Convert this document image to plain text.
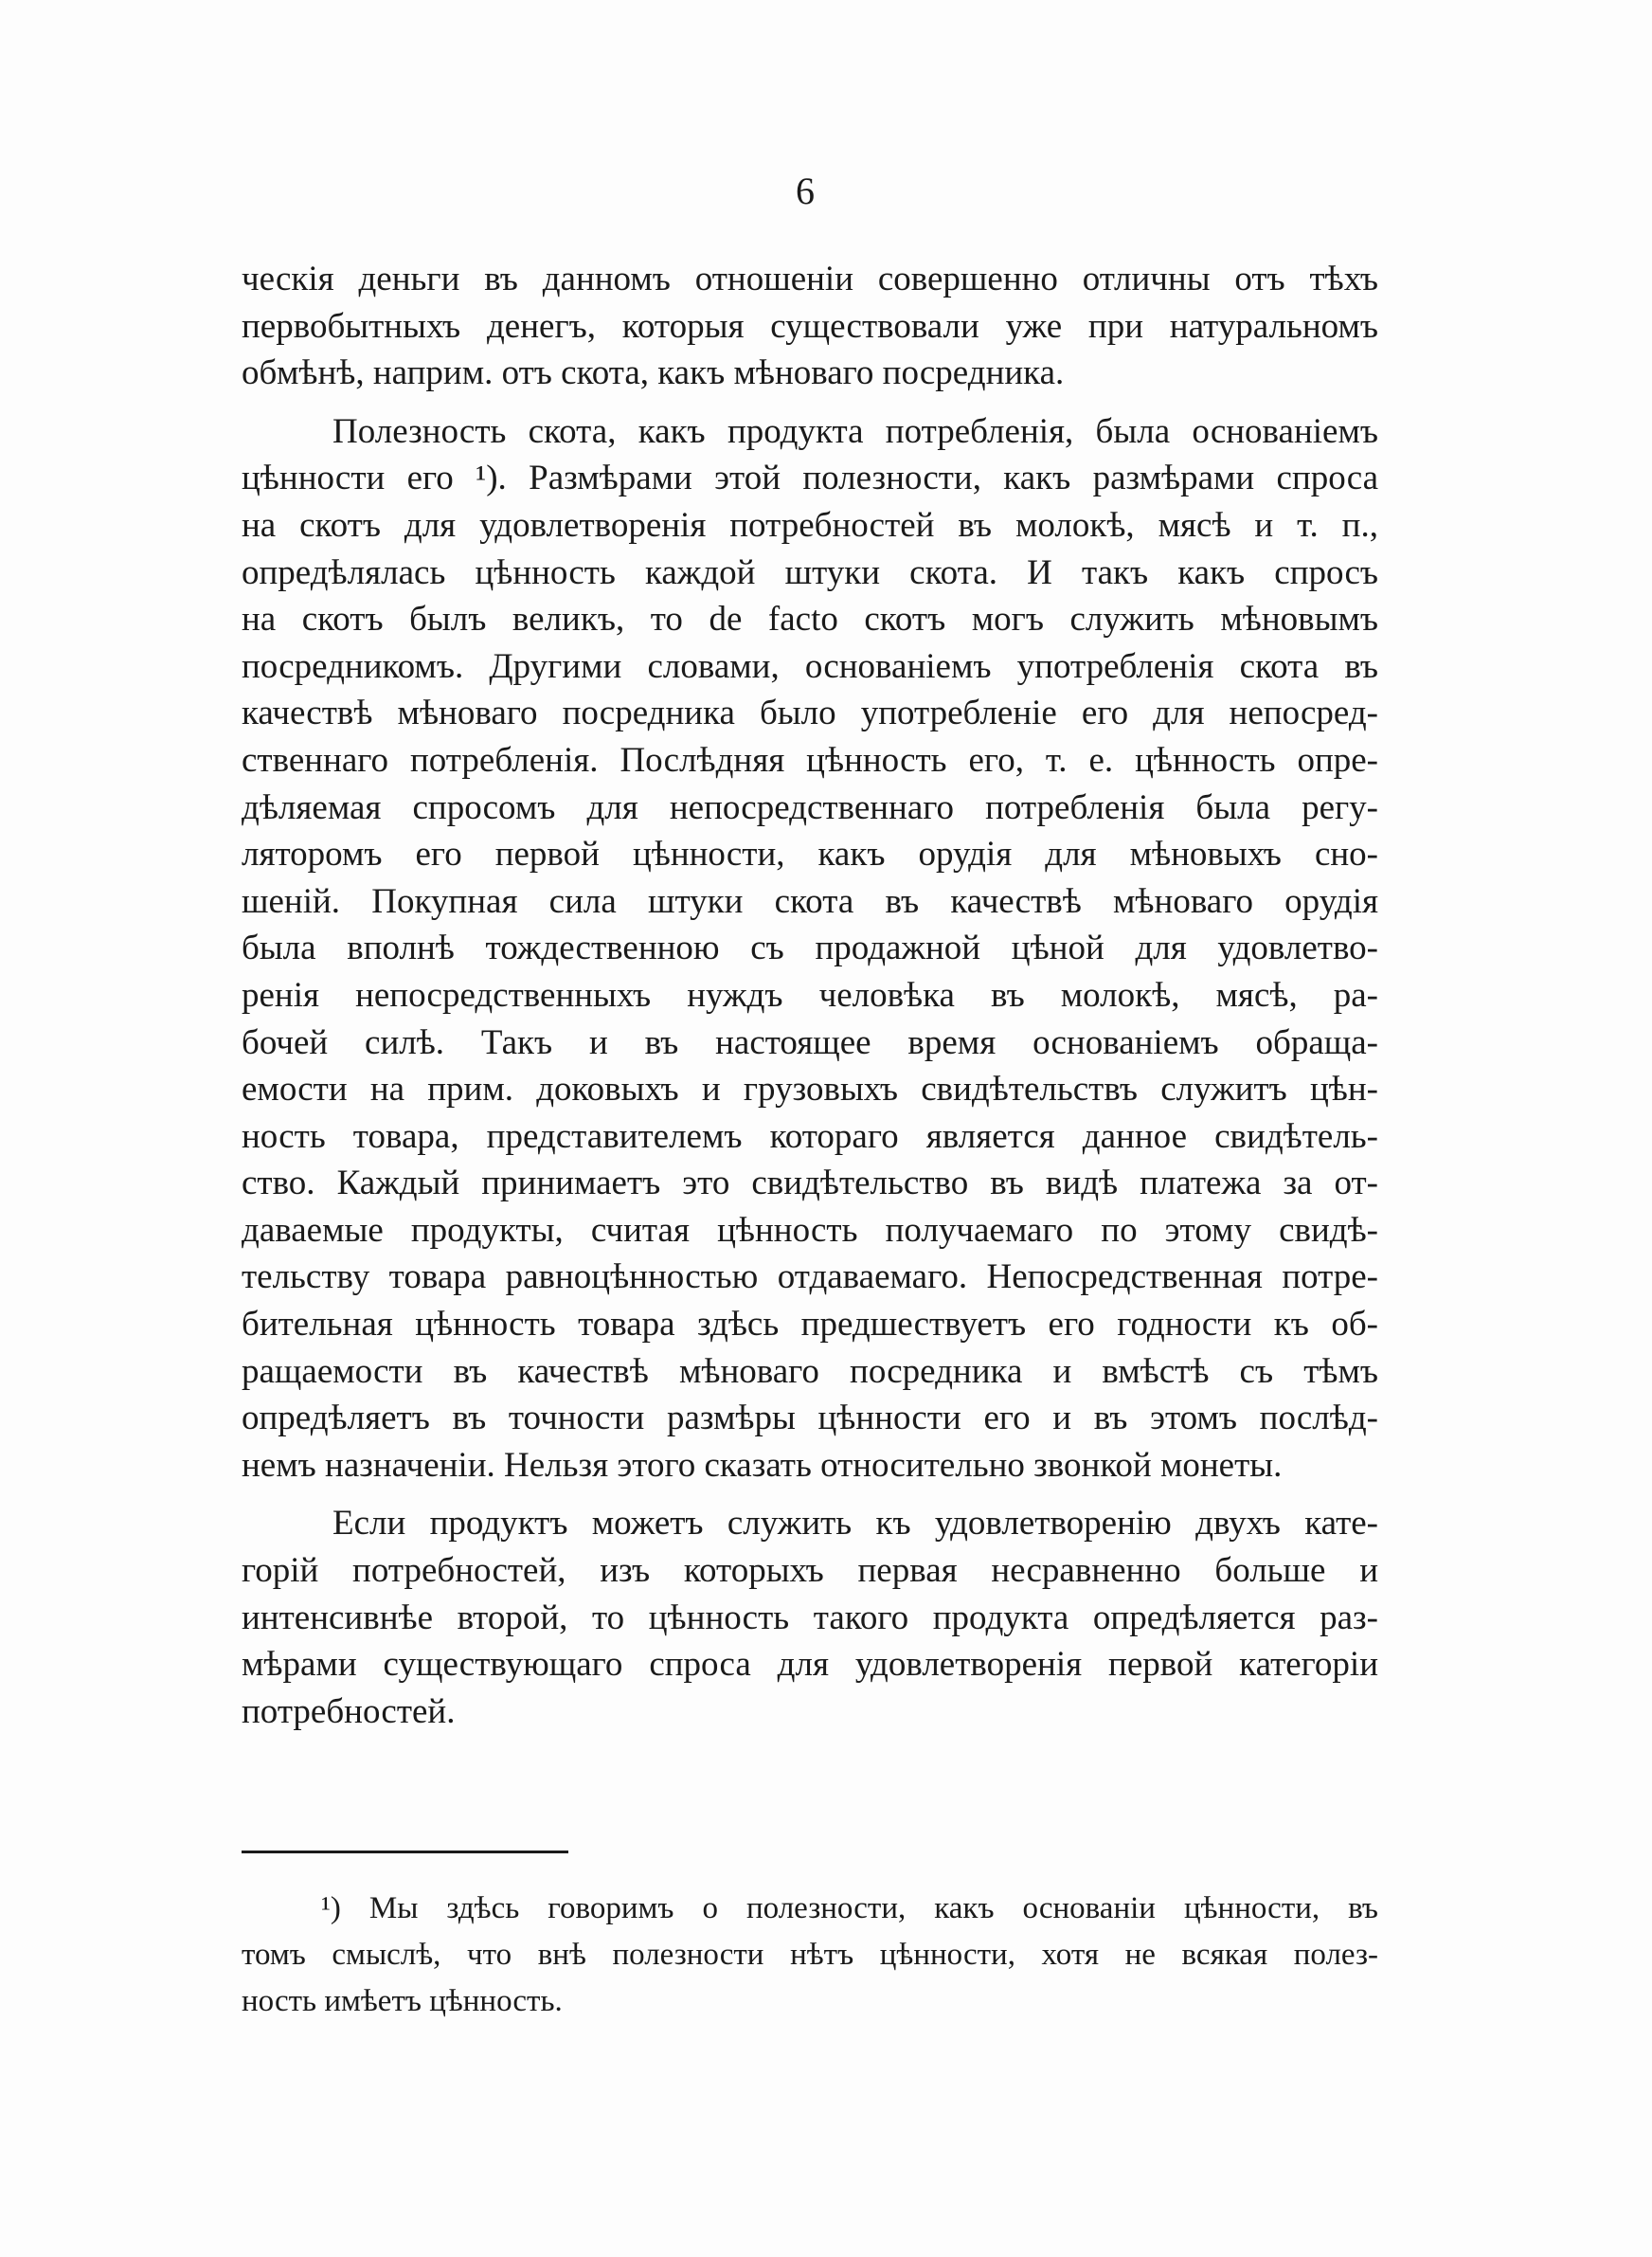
6
ческія деньги въ данномъ отношеніи совершенно отличны отъ тѣхъ
первобытныхъ денегъ, которыя существовали уже при натуральномъ
обмѣнѣ, наприм. отъ скота, какъ мѣноваго посредника.
Полезность скота, какъ продукта потребленія, была основаніемъ
цѣнности его ¹). Размѣрами этой полезности, какъ размѣрами спроса
на скотъ для удовлетворенія потребностей въ молокѣ, мясѣ и т. п.,
опредѣлялась цѣнность каждой штуки скота. И такъ какъ спросъ
на скотъ былъ великъ, то de facto скотъ могъ служить мѣновымъ
посредникомъ. Другими словами, основаніемъ употребленія скота въ
качествѣ мѣноваго посредника было употребленіе его для непосред-
ственнаго потребленія. Послѣдняя цѣнность его, т. е. цѣнность опре-
дѣляемая спросомъ для непосредственнаго потребленія была регу-
ляторомъ его первой цѣнности, какъ орудія для мѣновыхъ сно-
шеній. Покупная сила штуки скота въ качествѣ мѣноваго орудія
была вполнѣ тождественною съ продажной цѣной для удовлетво-
ренія непосредственныхъ нуждъ человѣка въ молокѣ, мясѣ, ра-
бочей силѣ. Такъ и въ настоящее время основаніемъ обраща-
емости на прим. доковыхъ и грузовыхъ свидѣтельствъ служитъ цѣн-
ность товара, представителемъ котораго является данное свидѣтель-
ство. Каждый принимаетъ это свидѣтельство въ видѣ платежа за от-
даваемые продукты, считая цѣнность получаемаго по этому свидѣ-
тельству товара равноцѣнностью отдаваемаго. Непосредственная потре-
бительная цѣнность товара здѣсь предшествуетъ его годности къ об-
ращаемости въ качествѣ мѣноваго посредника и вмѣстѣ съ тѣмъ
опредѣляетъ въ точности размѣры цѣнности его и въ этомъ послѣд-
немъ назначеніи. Нельзя этого сказать относительно звонкой монеты.
Если продуктъ можетъ служить къ удовлетворенію двухъ кате-
горій потребностей, изъ которыхъ первая несравненно больше и
интенсивнѣе второй, то цѣнность такого продукта опредѣляется раз-
мѣрами существующаго спроса для удовлетворенія первой категоріи
потребностей.
¹) Мы здѣсь говоримъ о полезности, какъ основаніи цѣнности, въ
томъ смыслѣ, что внѣ полезности нѣтъ цѣнности, хотя не всякая полез-
ность имѣетъ цѣнность.
